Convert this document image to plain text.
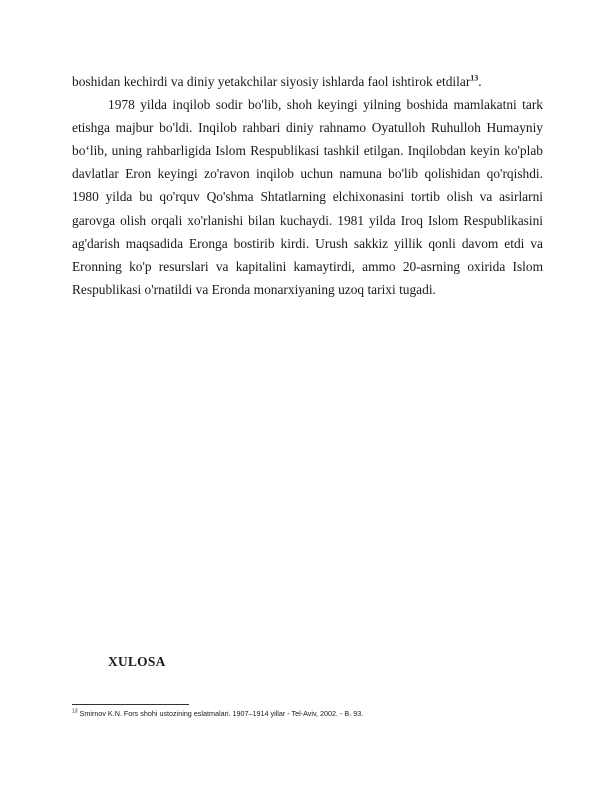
boshidan kechirdi va diniy yetakchilar siyosiy ishlarda faol ishtirok etdilar$^{13}$.

1978 yilda inqilob sodir bo'lib, shoh keyingi yilning boshida mamlakatni tark etishga majbur bo'ldi. Inqilob rahbari diniy rahnamo Oyatulloh Ruhulloh Humayniy boʻlib, uning rahbarligida Islom Respublikasi tashkil etilgan. Inqilobdan keyin ko'plab davlatlar Eron keyingi zo'ravon inqilob uchun namuna bo'lib qolishidan qo'rqishdi. 1980 yilda bu qo'rquv Qo'shma Shtatlarning elchixonasini tortib olish va asirlarni garovga olish orqali xo'rlanishi bilan kuchaydi. 1981 yilda Iroq Islom Respublikasini ag'darish maqsadida Eronga bostirib kirdi. Urush sakkiz yillik qonli davom etdi va Eronning ko'p resurslari va kapitalini kamaytirdi, ammo 20-asrning oxirida Islom Respublikasi o'rnatildi va Eronda monarxiyaning uzoq tarixi tugadi.

XULOSA
$^{13}$ Smirnov K.N. Fors shohi ustozining eslatmalari. 1907–1914 yillar - Tel-Aviv, 2002. - B. 93.
